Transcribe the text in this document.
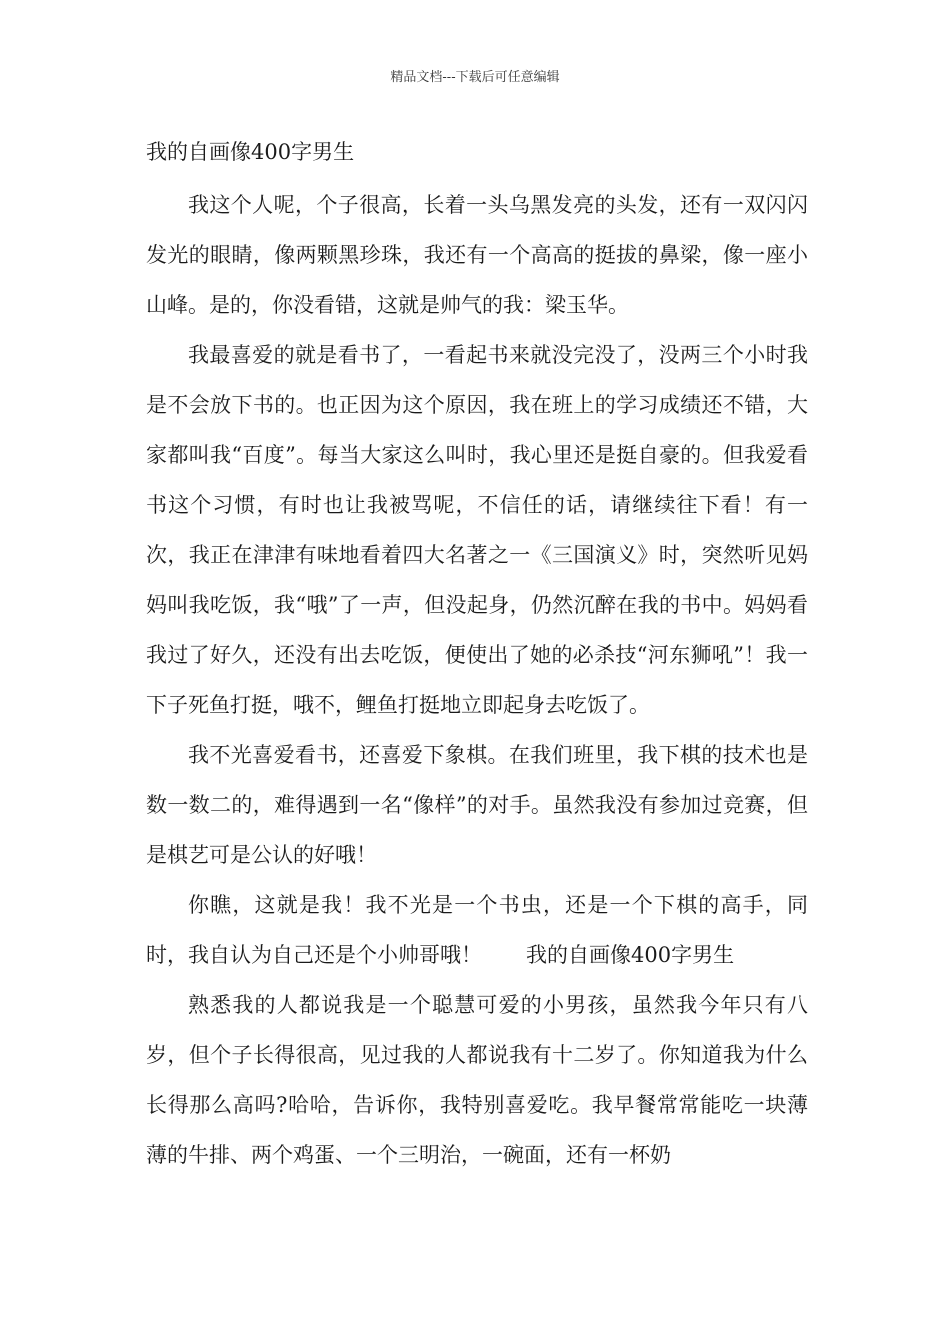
精品文档---下载后可任意编辑
我的自画像400字男生

我这个人呢，个子很高，长着一头乌黑发亮的头发，还有一双闪闪发光的眼睛，像两颗黑珍珠，我还有一个高高的挺拔的鼻梁，像一座小山峰。是的，你没看错，这就是帅气的我：梁玉华。

我最喜爱的就是看书了，一看起书来就没完没了，没两三个小时我是不会放下书的。也正因为这个原因，我在班上的学习成绩还不错，大家都叫我“百度”。每当大家这么叫时，我心里还是挺自豪的。但我爱看书这个习惯，有时也让我被骂呢，不信任的话，请继续往下看！有一次，我正在津津有味地看着四大名著之一《三国演义》时，突然听见妈妈叫我吃饭，我“哦”了一声，但没起身，仍然沉醉在我的书中。妈妈看我过了好久，还没有出去吃饭，便使出了她的必杀技“河东狮吼”！我一下子死鱼打挺，哦不，鲤鱼打挺地立即起身去吃饭了。

我不光喜爱看书，还喜爱下象棋。在我们班里，我下棋的技术也是数一数二的，难得遇到一名“像样”的对手。虽然我没有参加过竞赛，但是棋艺可是公认的好哦！

你瞧，这就是我！我不光是一个书虫，还是一个下棋的高手，同时，我自认为自己还是个小帅哥哦！ 我的自画像400字男生

熟悉我的人都说我是一个聪慧可爱的小男孩，虽然我今年只有八岁，但个子长得很高，见过我的人都说我有十二岁了。你知道我为什么长得那么高吗?哈哈，告诉你，我特别喜爱吃。我早餐常常能吃一块薄薄的牛排、两个鸡蛋、一个三明治，一碗面，还有一杯奶
